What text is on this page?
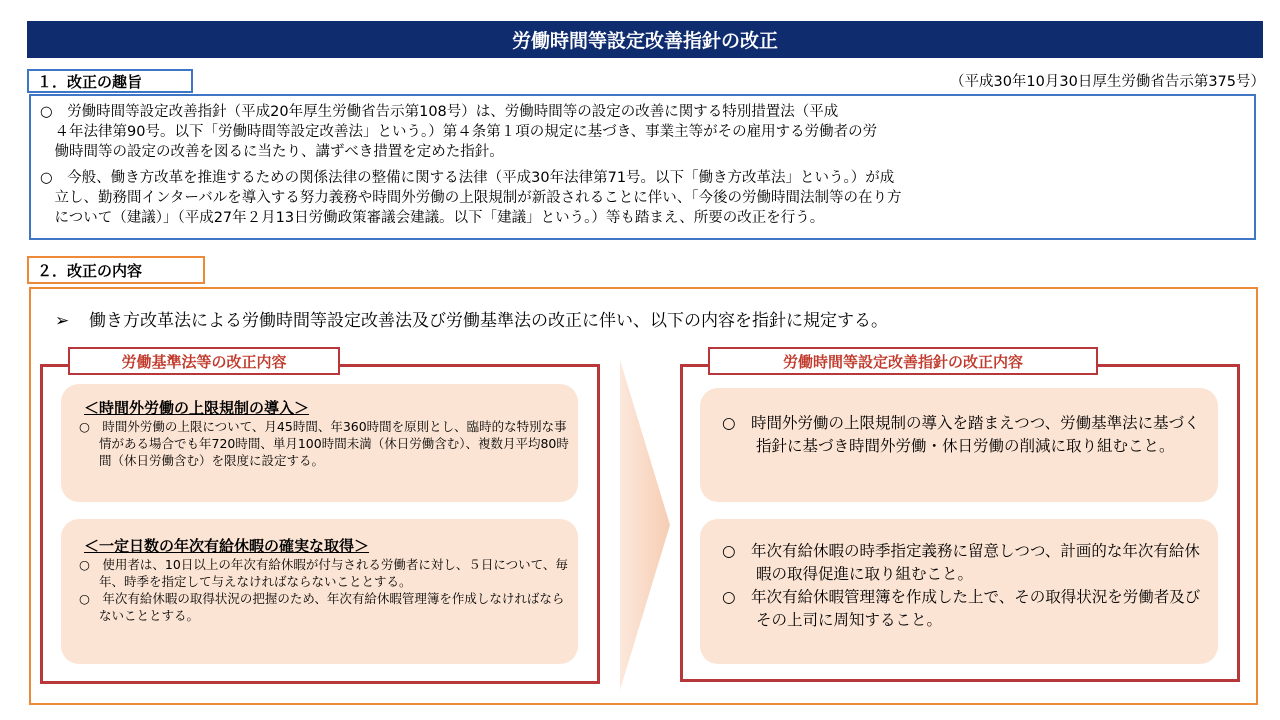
労働時間等設定改善指針の改正
１．改正の趣旨	（平成30年10月30日厚生労働省告示第375号）
○　労働時間等設定改善指針（平成20年厚生労働省告示第108号）は、労働時間等の設定の改善に関する特別措置法（平成
　４年法律第90号。以下「労働時間等設定改善法」という。）第４条第１項の規定に基づき、事業主等がその雇用する労働者の労
　働時間等の設定の改善を図るに当たり、講ずべき措置を定めた指針。
○　今般、働き方改革を推進するための関係法律の整備に関する法律（平成30年法律第71号。以下「働き方改革法」という。）が成
　立し、勤務間インターバルを導入する努力義務や時間外労働の上限規制が新設されることに伴い、「今後の労働時間法制等の在り方
　について（建議）」（平成27年２月13日労働政策審議会建議。以下「建議」という。）等も踏まえ、所要の改正を行う。
２．改正の内容
➢ 働き方改革法による労働時間等設定改善法及び労働基準法の改正に伴い、以下の内容を指針に規定する。
労働基準法等の改正内容
＜時間外労働の上限規制の導入＞
○　時間外労働の上限について、月45時間、年360時間を原則とし、臨時的な特別な事情がある場合でも年720時間、単月100時間未満（休日労働含む）、複数月平均80時間（休日労働含む）を限度に設定する。
＜一定日数の年次有給休暇の確実な取得＞
○　使用者は、10日以上の年次有給休暇が付与される労働者に対し、５日について、毎年、時季を指定して与えなければならないこととする。
○　年次有給休暇の取得状況の把握のため、年次有給休暇管理簿を作成しなければならないこととする。
労働時間等設定改善指針の改正内容
○　時間外労働の上限規制の導入を踏まえつつ、労働基準法に基づく指針に基づき時間外労働・休日労働の削減に取り組むこと。
○　年次有給休暇の時季指定義務に留意しつつ、計画的な年次有給休暇の取得促進に取り組むこと。
○　年次有給休暇管理簿を作成した上で、その取得状況を労働者及びその上司に周知すること。
